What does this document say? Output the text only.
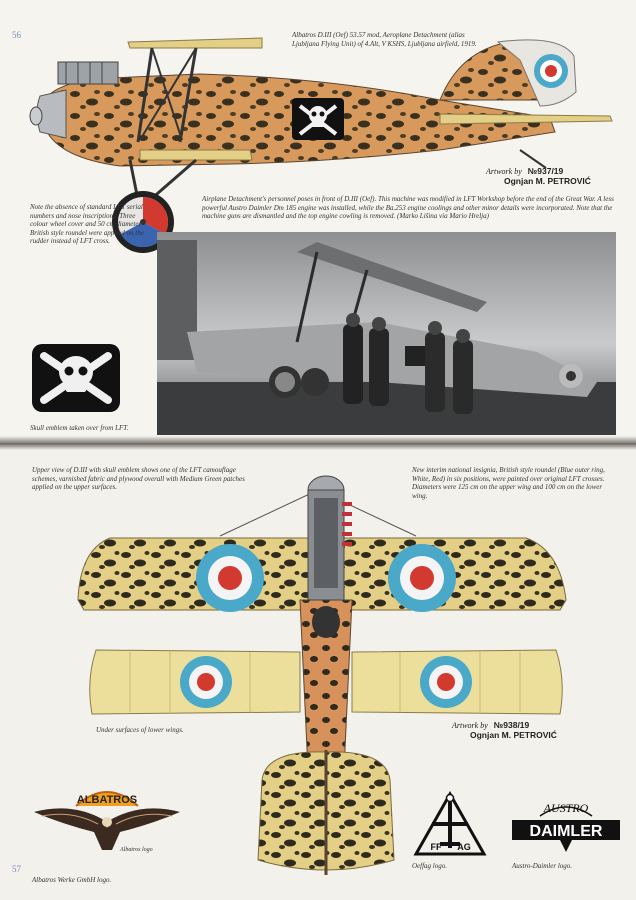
56	Albatros D.III (Oef) 53.57 mod, Aeroplane Detachment (alias Ljubljana Flying Unit) of 4.Alt, V KSHS, Ljubljana airfield, 1919.
Artwork by №937/19
Ognjan M. PETROVIĆ
Note the absence of standard LFT serial numbers and nose inscriptions. Three colour wheel cover and 50 cm diameter British style roundel were applied on the rudder instead of LFT cross.
Airplane Detachment's personnel poses in front of D.III (Oef). This machine was modified in LFT Workshop before the end of the Great War. A less powerful Austro Daimler Dm 185 engine was installed, while the Ba.253 engine coolings and other minor details were incorporated. Note that the machine guns are dismantled and the top engine cowling is removed. (Marko Lišina via Mario Hrelja)
Skull emblem taken over from LFT.
Upper view of D.III with skull emblem shows one of the LFT camouflage schemes, varnished fabric and plywood overall with Medium Green patches applied on the upper surfaces.
New interim national insignia, British style roundel (Blue outer ring, White, Red) in six positions, were painted over original LFT crosses. Diameters were 125 cm on the upper wing and 100 cm on the lower wing.
Under surfaces of lower wings.	Artwork by №938/19
Ognjan M. PETROVIĆ
ALBATROS
Albatros logo
Albatros Werke GmbH logo.
FF AG
Oeffag logo.
AUSTRO
DAIMLER
Austro-Daimler logo.
57
